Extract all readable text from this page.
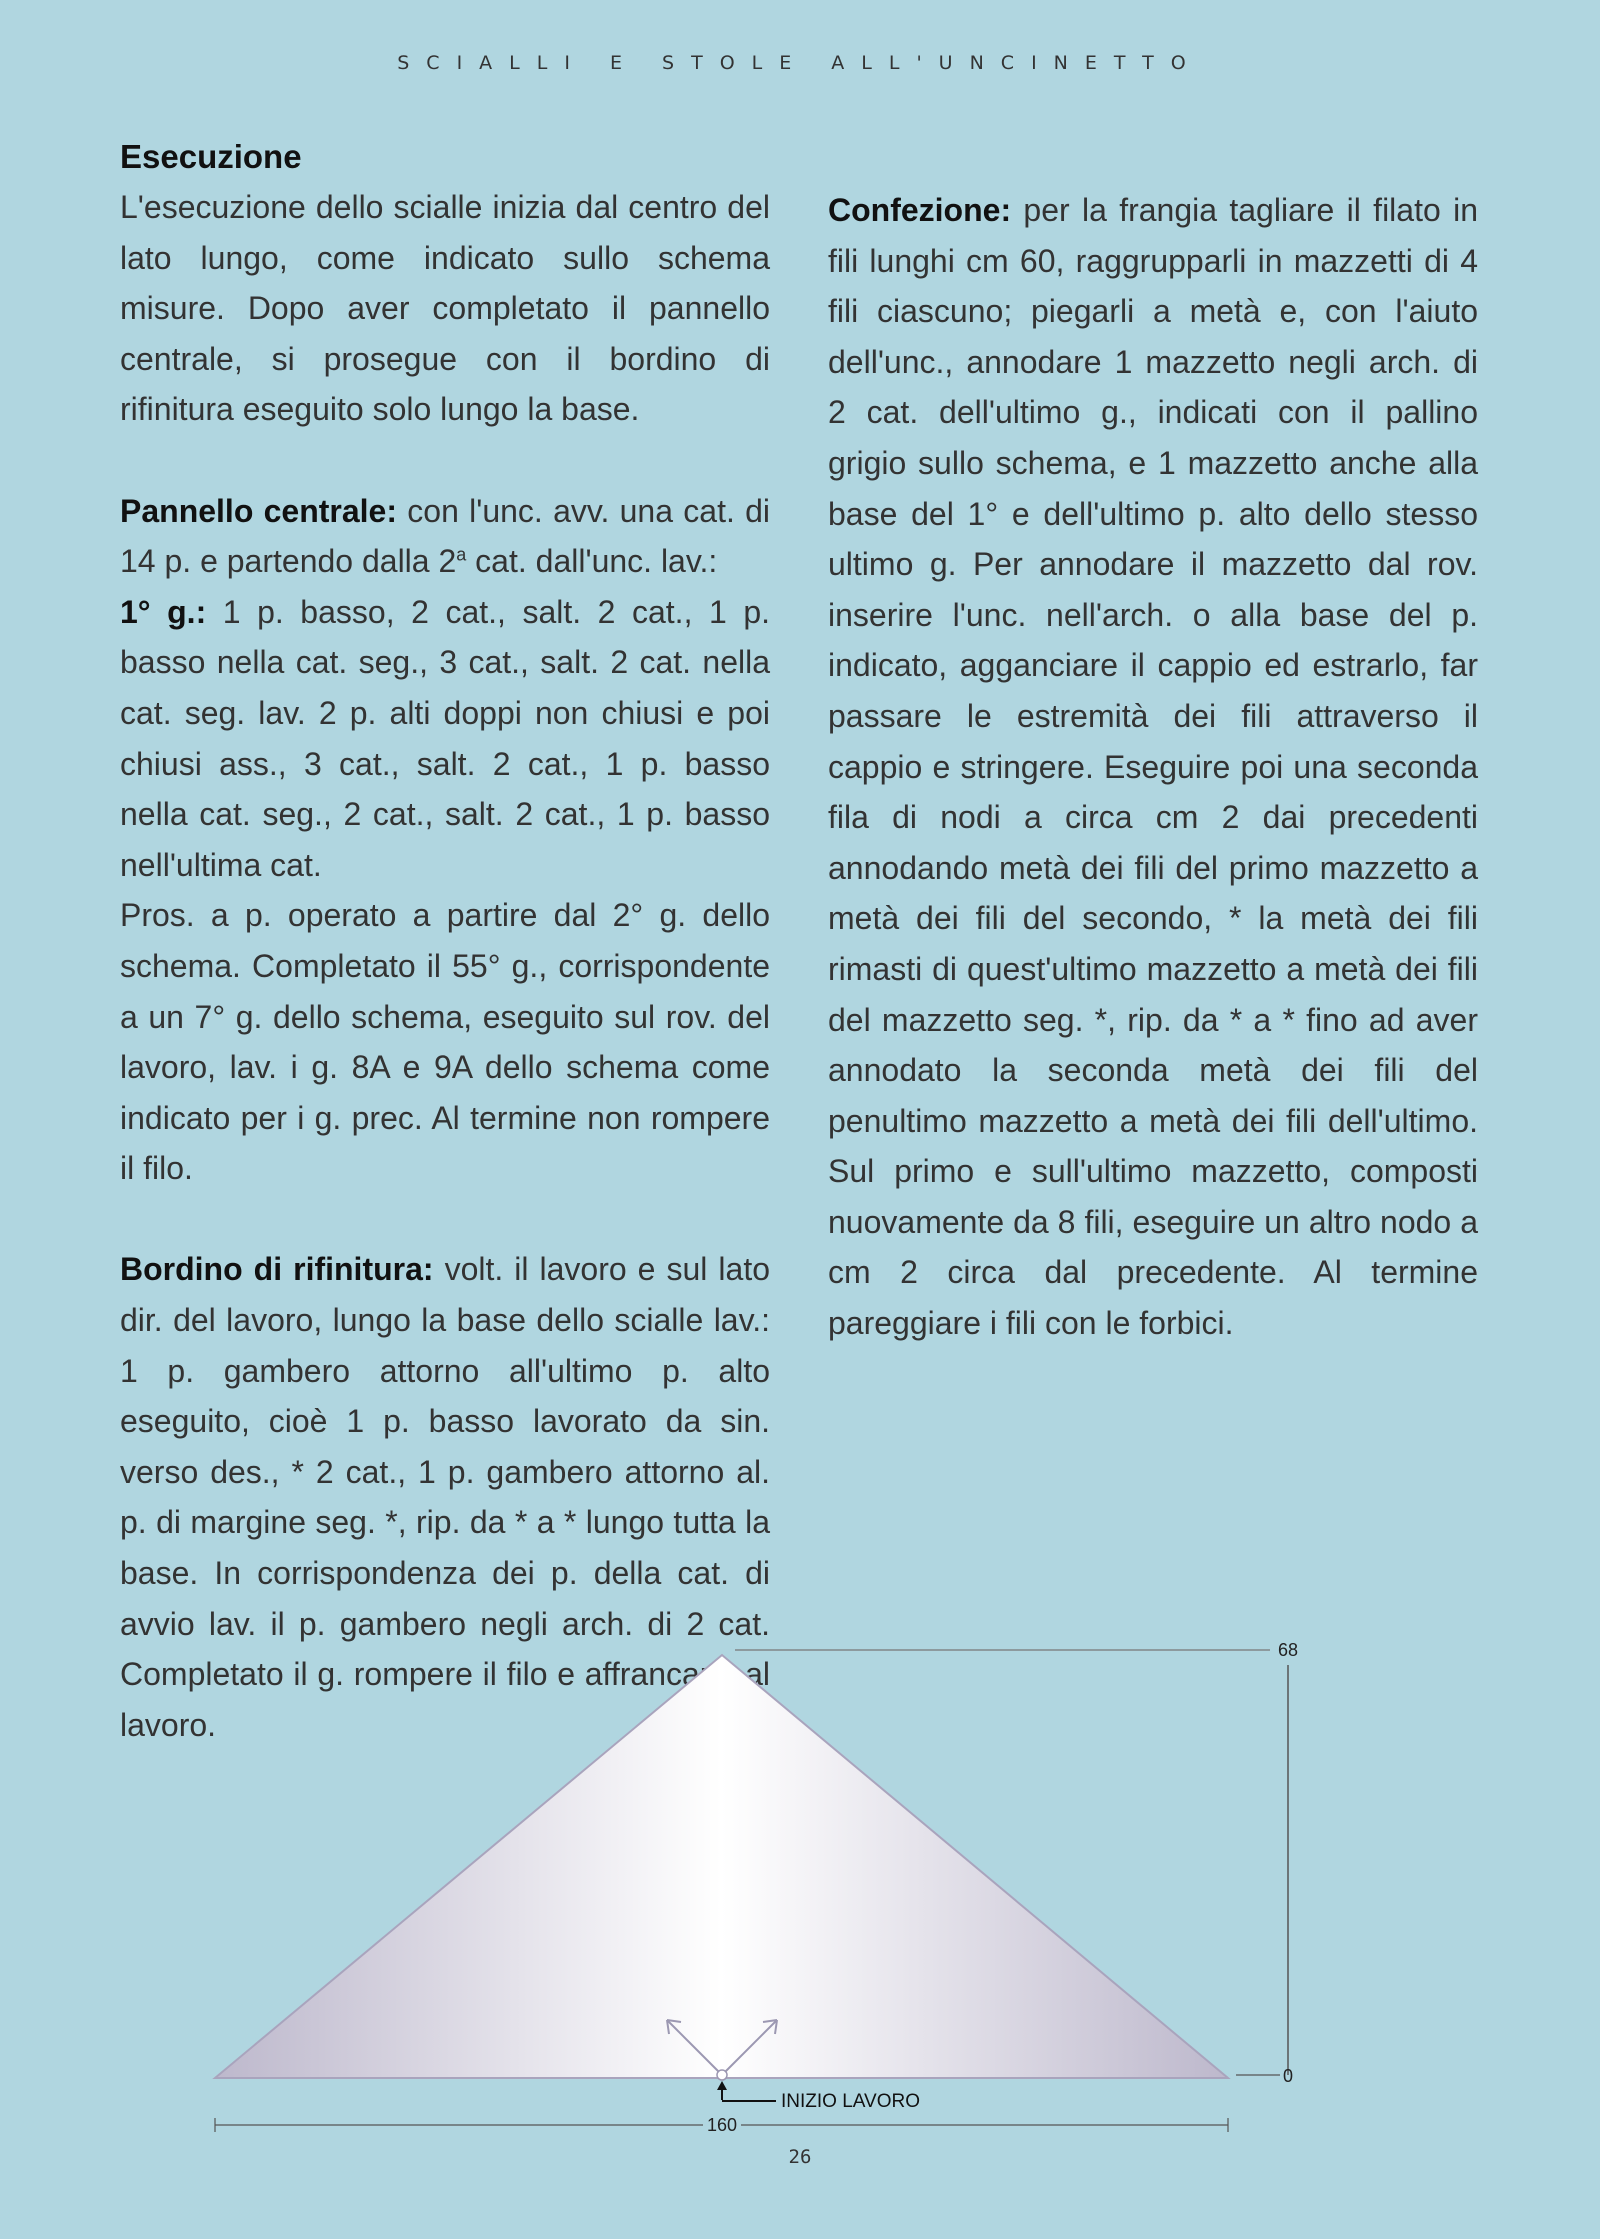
SCIALLI E STOLE ALL'UNCINETTO
Esecuzione

L'esecuzione dello scialle inizia dal centro del lato lungo, come indicato sullo schema misure. Dopo aver completato il pannello centrale, si prosegue con il bordino di rifinitura eseguito solo lungo la base.

Pannello centrale: con l'unc. avv. una cat. di 14 p. e partendo dalla 2$^a$ cat. dall'unc. lav.:
1° g.: 1 p. basso, 2 cat., salt. 2 cat., 1 p. basso nella cat. seg., 3 cat., salt. 2 cat. nella cat. seg. lav. 2 p. alti doppi non chiusi e poi chiusi ass., 3 cat., salt. 2 cat., 1 p. basso nella cat. seg., 2 cat., salt. 2 cat., 1 p. basso nell'ultima cat.

Pros. a p. operato a partire dal 2° g. dello schema. Completato il 55° g., corrispondente a un 7° g. dello schema, eseguito sul rov. del lavoro, lav. i g. 8A e 9A dello schema come indicato per i g. prec. Al termine non rompere il filo.

Bordino di rifinitura: volt. il lavoro e sul lato dir. del lavoro, lungo la base dello scialle lav.: 1 p. gambero attorno all'ultimo p. alto eseguito, cioè 1 p. basso lavorato da sin. verso des., * 2 cat., 1 p. gambero attorno al. p. di margine seg. *, rip. da * a * lungo tutta la base. In corrispondenza dei p. della cat. di avvio lav. il p. gambero negli arch. di 2 cat. Completato il g. rompere il filo e affrancarlo al lavoro.

Confezione: per la frangia tagliare il filato in fili lunghi cm 60, raggrupparli in mazzetti di 4 fili ciascuno; piegarli a metà e, con l'aiuto dell'unc., annodare 1 mazzetto negli arch. di 2 cat. dell'ultimo g., indicati con il pallino grigio sullo schema, e 1 mazzetto anche alla base del 1° e dell'ultimo p. alto dello stesso ultimo g. Per annodare il mazzetto dal rov. inserire l'unc. nell'arch. o alla base del p. indicato, agganciare il cappio ed estrarlo, far passare le estremità dei fili attraverso il cappio e stringere. Eseguire poi una seconda fila di nodi a circa cm 2 dai precedenti annodando metà dei fili del primo mazzetto a metà dei fili del secondo, * la metà dei fili rimasti di quest'ultimo mazzetto a metà dei fili del mazzetto seg. *, rip. da * a * fino ad aver annodato la seconda metà dei fili del penultimo mazzetto a metà dei fili dell'ultimo. Sul primo e sull'ultimo mazzetto, composti nuovamente da 8 fili, eseguire un altro nodo a cm 2 circa dal precedente. Al termine pareggiare i fili con le forbici.

68
0
INIZIO LAVORO
160
26
